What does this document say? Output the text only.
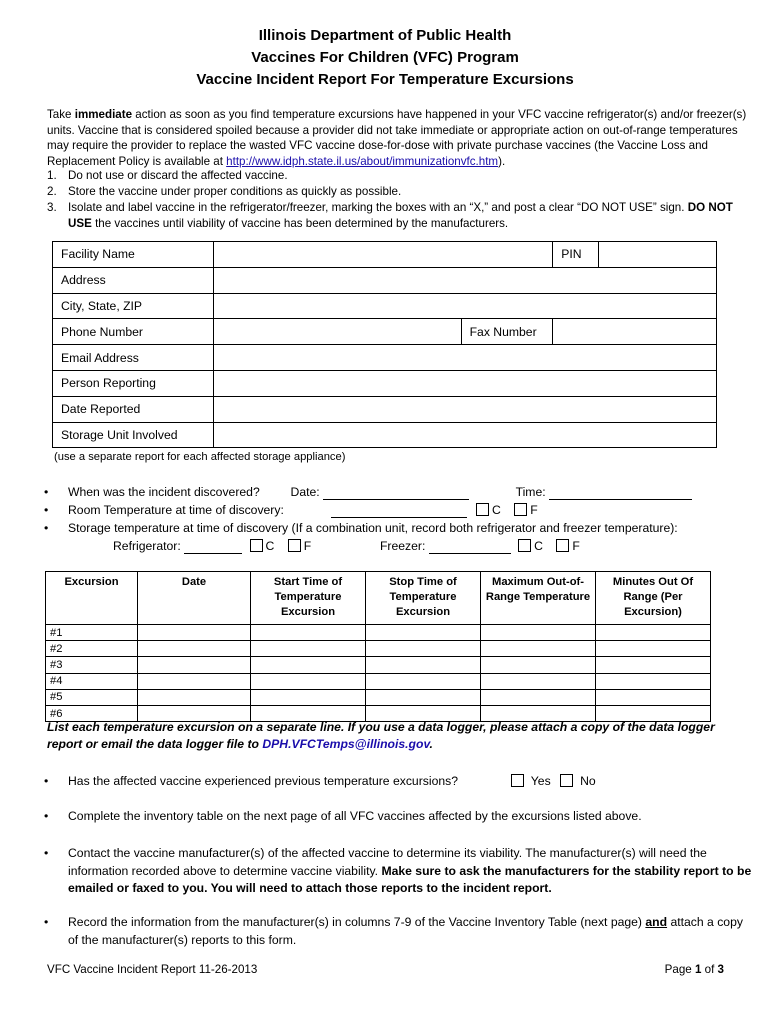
Illinois Department of Public Health
Vaccines For Children (VFC) Program
Vaccine Incident Report For Temperature Excursions
Take immediate action as soon as you find temperature excursions have happened in your VFC vaccine refrigerator(s) and/or freezer(s) units. Vaccine that is considered spoiled because a provider did not take immediate or appropriate action on out-of-range temperatures may require the provider to replace the wasted VFC vaccine dose-for-dose with private purchase vaccines (the Vaccine Loss and Replacement Policy is available at http://www.idph.state.il.us/about/immunizationvfc.htm).
1. Do not use or discard the affected vaccine.
2. Store the vaccine under proper conditions as quickly as possible.
3. Isolate and label vaccine in the refrigerator/freezer, marking the boxes with an “X,” and post a clear “DO NOT USE” sign. DO NOT USE the vaccines until viability of vaccine has been determined by the manufacturers.
Facility Name			PIN	
Address				
City, State, ZIP				
Phone Number		Fax Number		
Email Address				
Person Reporting				
Date Reported				
Storage Unit Involved				
(use a separate report for each affected storage appliance)
• When was the incident discovered?	Date:	Time:
• Room Temperature at time of discovery:	C F
• Storage temperature at time of discovery (If a combination unit, record both refrigerator and freezer temperature):
Refrigerator:	C F	Freezer:	C F
Excursion	Date	Start Time of Temperature Excursion	Stop Time of Temperature Excursion	Maximum Out-of-Range Temperature	Minutes Out Of Range (Per Excursion)
#1					
#2					
#3					
#4					
#5					
#6					
List each temperature excursion on a separate line. If you use a data logger, please attach a copy of the data logger report or email the data logger file to DPH.VFCTemps@illinois.gov.
• Has the affected vaccine experienced previous temperature excursions?	Yes No
• Complete the inventory table on the next page of all VFC vaccines affected by the excursions listed above.
• Contact the vaccine manufacturer(s) of the affected vaccine to determine its viability. The manufacturer(s) will need the information recorded above to determine vaccine viability. Make sure to ask the manufacturers for the stability report to be emailed or faxed to you. You will need to attach those reports to the incident report.
• Record the information from the manufacturer(s) in columns 7-9 of the Vaccine Inventory Table (next page) and attach a copy of the manufacturer(s) reports to this form.
VFC Vaccine Incident Report 11-26-2013	Page 1 of 3
